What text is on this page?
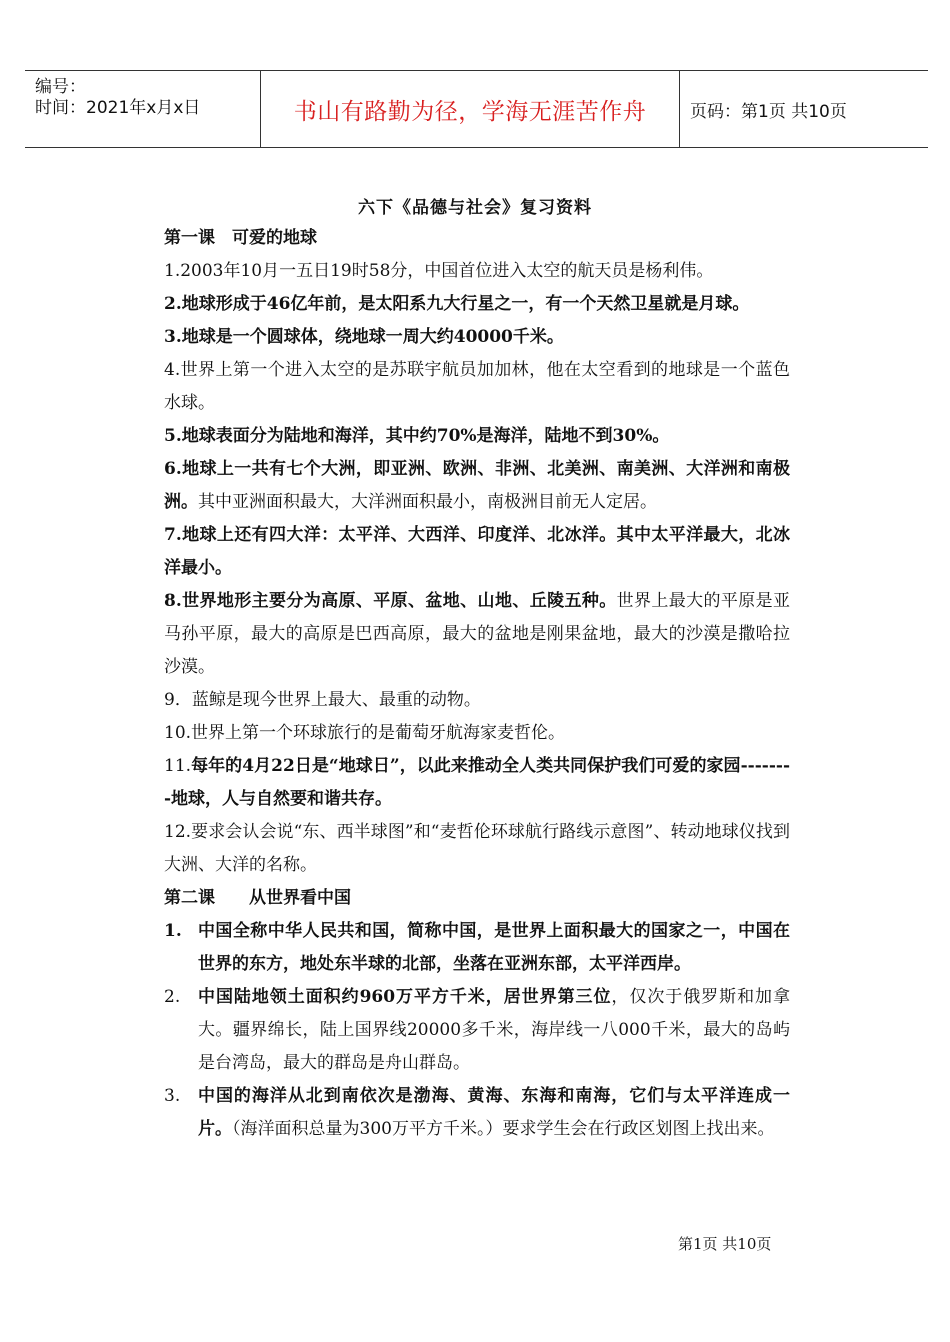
编号：
时间：2021年x月x日	书山有路勤为径，学海无涯苦作舟	页码：第1页 共10页
六下《品德与社会》复习资料

第一课　可爱的地球

1.2003年10月一五日19时58分，中国首位进入太空的航天员是杨利伟。

2.地球形成于46亿年前，是太阳系九大行星之一，有一个天然卫星就是月球。

3.地球是一个圆球体，绕地球一周大约40000千米。

4.世界上第一个进入太空的是苏联宇航员加加林，他在太空看到的地球是一个蓝色水球。

5.地球表面分为陆地和海洋，其中约70%是海洋，陆地不到30%。

6.地球上一共有七个大洲，即亚洲、欧洲、非洲、北美洲、南美洲、大洋洲和南极洲。其中亚洲面积最大，大洋洲面积最小，南极洲目前无人定居。

7.地球上还有四大洋：太平洋、大西洋、印度洋、北冰洋。其中太平洋最大，北冰洋最小。

8.世界地形主要分为高原、平原、盆地、山地、丘陵五种。世界上最大的平原是亚马孙平原，最大的高原是巴西高原，最大的盆地是刚果盆地，最大的沙漠是撒哈拉沙漠。

9．蓝鲸是现今世界上最大、最重的动物。

10.世界上第一个环球旅行的是葡萄牙航海家麦哲伦。

11.每年的4月22日是“地球日”，以此来推动全人类共同保护我们可爱的家园--------地球，人与自然要和谐共存。

12.要求会认会说“东、西半球图”和“麦哲伦环球航行路线示意图”、转动地球仪找到大洲、大洋的名称。

第二课　　从世界看中国

1. 中国全称中华人民共和国，简称中国，是世界上面积最大的国家之一，中国在世界的东方，地处东半球的北部，坐落在亚洲东部，太平洋西岸。
2.	中国陆地领土面积约960万平方千米，居世界第三位，仅次于俄罗斯和加拿大。疆界绵长，陆上国界线20000多千米，海岸线一八000千米，最大的岛屿是台湾岛，最大的群岛是舟山群岛。
3.	中国的海洋从北到南依次是渤海、黄海、东海和南海，它们与太平洋连成一片。（海洋面积总量为300万平方千米。）要求学生会在行政区划图上找出来。
第1页 共10页
